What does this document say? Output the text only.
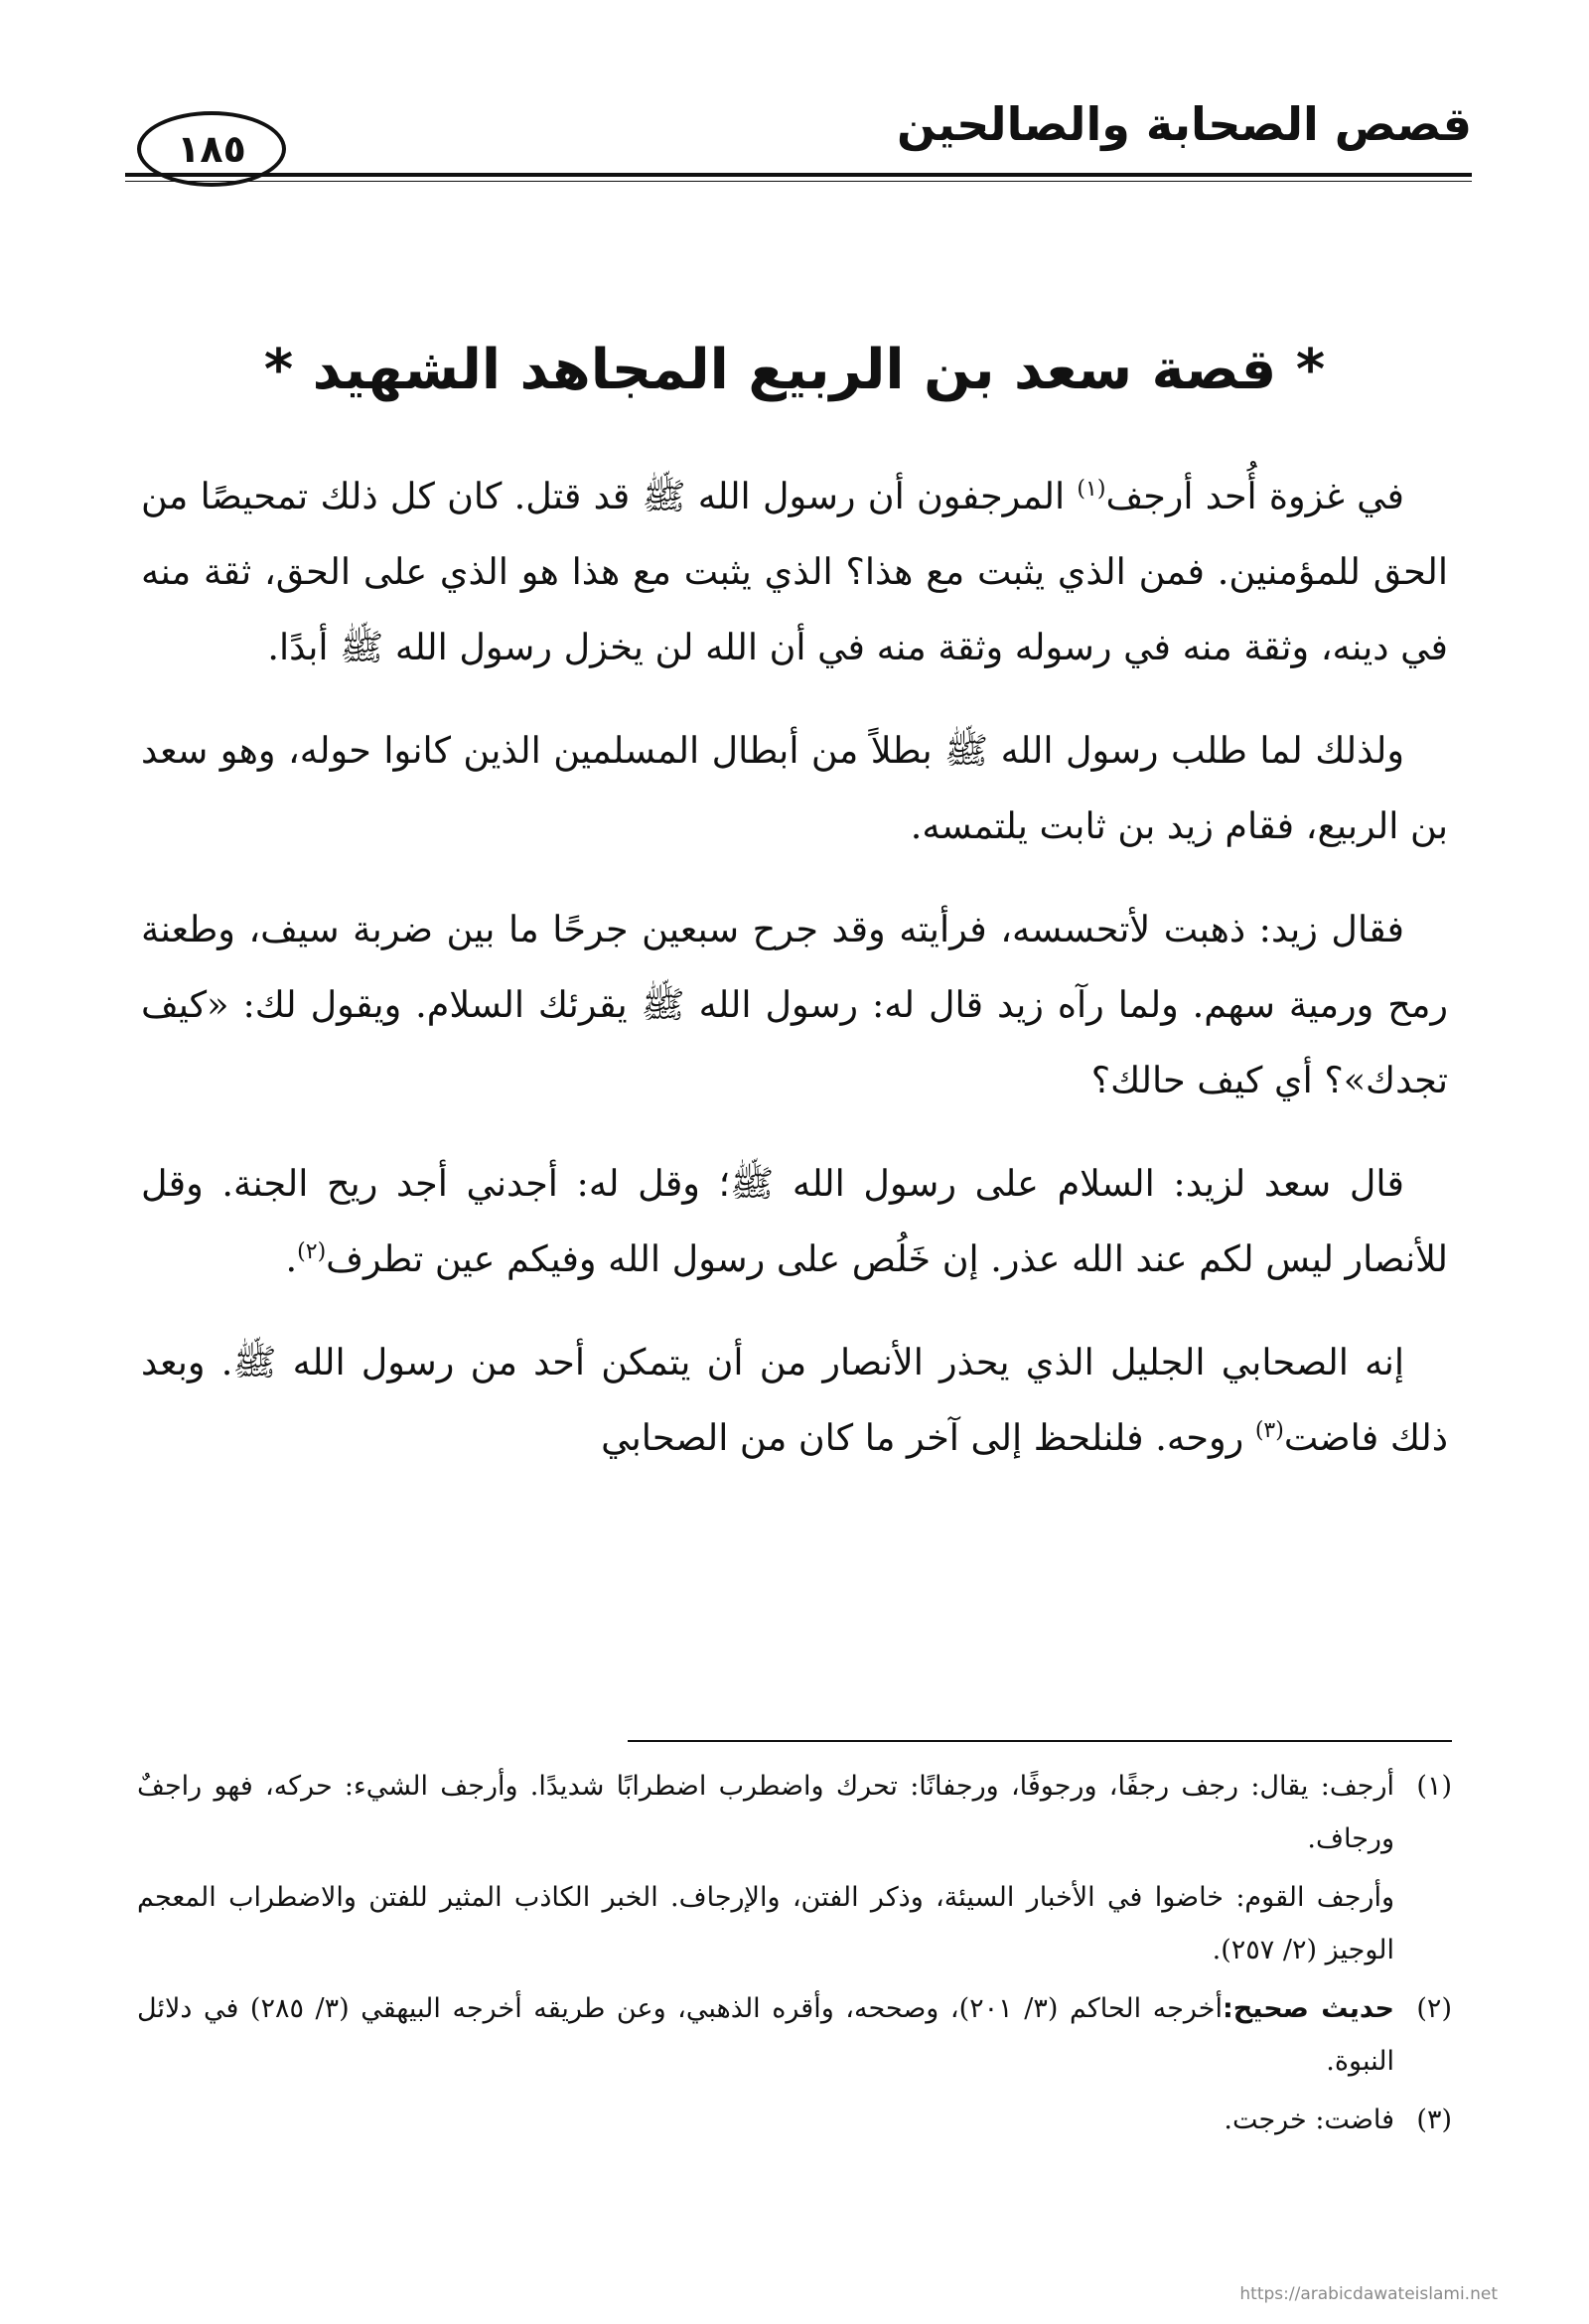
قصص الصحابة والصالحين
١٨٥
* قصة سعد بن الربيع المجاهد الشهيد *

في غزوة أُحد أرجف$^{(١)}$ المرجفون أن رسول الله ﷺ قد قتل. كان كل ذلك تمحيصًا من الحق للمؤمنين. فمن الذي يثبت مع هذا؟ الذي يثبت مع هذا هو الذي على الحق، ثقة منه في دينه، وثقة منه في رسوله وثقة منه في أن الله لن يخزل رسول الله ﷺ أبدًا.

ولذلك لما طلب رسول الله ﷺ بطلاً من أبطال المسلمين الذين كانوا حوله، وهو سعد بن الربيع، فقام زيد بن ثابت يلتمسه.

فقال زيد: ذهبت لأتحسسه، فرأيته وقد جرح سبعين جرحًا ما بين ضربة سيف، وطعنة رمح ورمية سهم. ولما رآه زيد قال له: رسول الله ﷺ يقرئك السلام. ويقول لك: «كيف تجدك»؟ أي كيف حالك؟

قال سعد لزيد: السلام على رسول الله ﷺ؛ وقل له: أجدني أجد ريح الجنة. وقل للأنصار ليس لكم عند الله عذر. إن خَلُص على رسول الله وفيكم عين تطرف$^{(٢)}$.

إنه الصحابي الجليل الذي يحذر الأنصار من أن يتمكن أحد من رسول الله ﷺ. وبعد ذلك فاضت$^{(٣)}$ روحه. فلنلحظ إلى آخر ما كان من الصحابي

(١)أرجف: يقال: رجف رجفًا، ورجوفًا، ورجفانًا: تحرك واضطرب اضطرابًا شديدًا. وأرجف الشيء: حركه، فهو راجفٌ ورجاف.

وأرجف القوم: خاضوا في الأخبار السيئة، وذكر الفتن، والإرجاف. الخبر الكاذب المثير للفتن والاضطراب المعجم الوجيز (٢/ ٢٥٧).

(٢)حديث صحيح:أخرجه الحاكم (٣/ ٢٠١)، وصححه، وأقره الذهبي، وعن طريقه أخرجه البيهقي (٣/ ٢٨٥) في دلائل النبوة.

(٣)فاضت: خرجت.

https://arabicdawateislami.net
